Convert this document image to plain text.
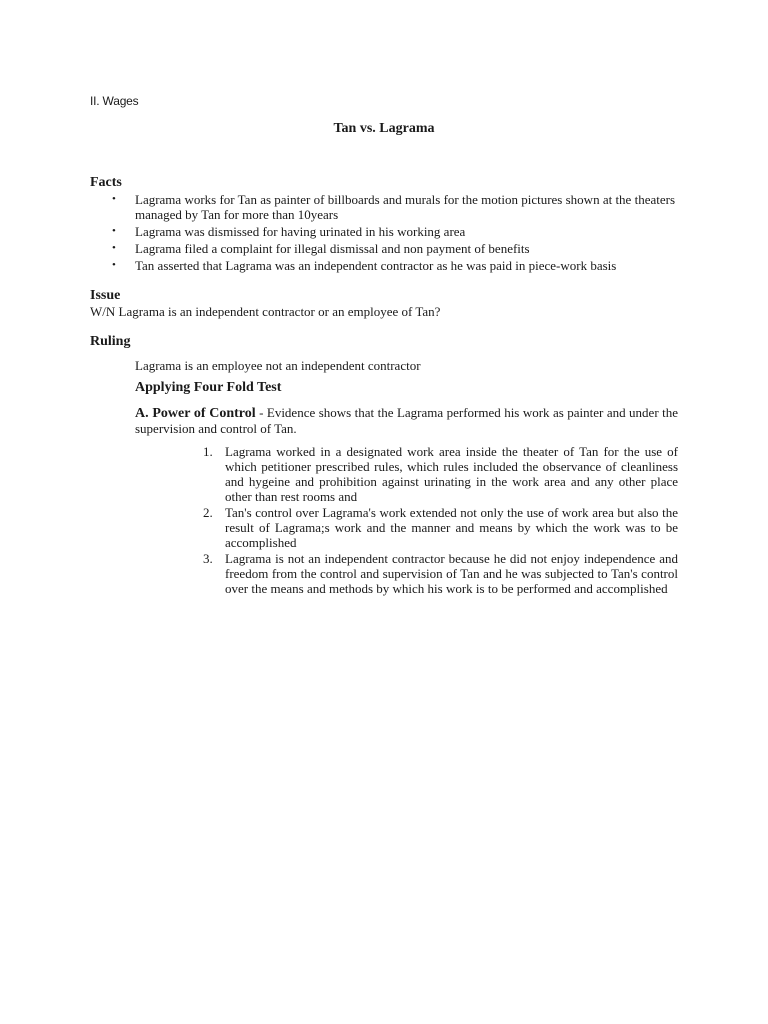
II. Wages
Tan vs. Lagrama
Facts
• Lagrama works for Tan as painter of billboards and murals for the motion pictures shown at the theaters managed by Tan for more than 10years
• Lagrama was dismissed for having urinated in his working area
• Lagrama filed a complaint for illegal dismissal and non payment of benefits
• Tan asserted that Lagrama was an independent contractor as he was paid in piece-work basis
Issue
W/N Lagrama is an independent contractor or an employee of Tan?
Ruling
Lagrama is an employee not an independent contractor
Applying Four Fold Test
A. Power of Control - Evidence shows that the Lagrama performed his work as painter and under the supervision and control of Tan.
1. Lagrama worked in a designated work area inside the theater of Tan for the use of which petitioner prescribed rules, which rules included the observance of cleanliness and hygeine and prohibition against urinating in the work area and any other place other than rest rooms and
2. Tan's control over Lagrama's work extended not only the use of work area but also the result of Lagrama;s work and the manner and means by which the work was to be accomplished
3. Lagrama is not an independent contractor because he did not enjoy independence and freedom from the control and supervision of Tan and he was subjected to Tan's control over the means and methods by which his work is to be performed and accomplished
